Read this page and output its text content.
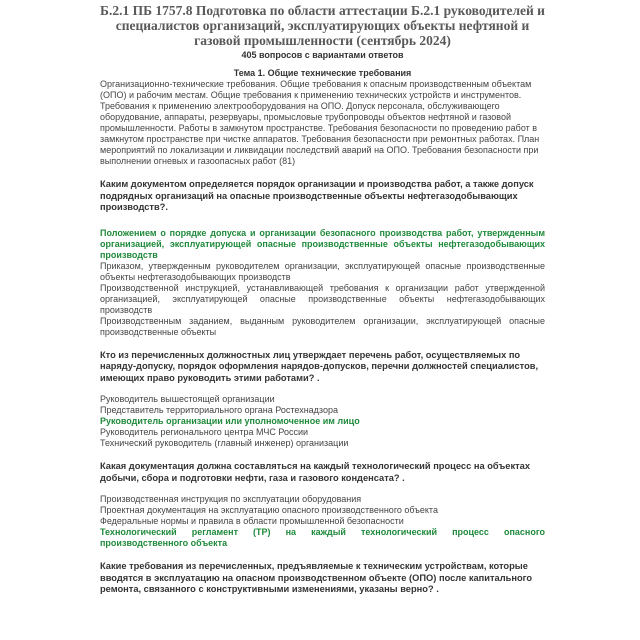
Б.2.1 ПБ 1757.8 Подготовка по области аттестации Б.2.1 руководителей и специалистов организаций, эксплуатирующих объекты нефтяной и газовой промышленности (сентябрь 2024)
405 вопросов с вариантами ответов
Тема 1. Общие технические требования
Организационно-технические требования. Общие требования к опасным производственным объектам (ОПО) и рабочим местам. Общие требования к применению технических устройств и инструментов. Требования к применению электрооборудования на ОПО. Допуск персонала, обслуживающего оборудование, аппараты, резервуары, промысловые трубопроводы объектов нефтяной и газовой промышленности. Работы в замкнутом пространстве. Требования безопасности по проведению работ в замкнутом пространстве при чистке аппаратов. Требования безопасности при ремонтных работах. План мероприятий по локализации и ликвидации последствий аварий на ОПО. Требования безопасности при выполнении огневых и газоопасных работ (81)
Каким документом определяется порядок организации и производства работ, а также допуск подрядных организаций на опасные производственные объекты нефтегазодобывающих производств?.
Положением о порядке допуска и организации безопасного производства работ, утвержденным организацией, эксплуатирующей опасные производственные объекты нефтегазодобывающих производств
Приказом, утвержденным руководителем организации, эксплуатирующей опасные производственные объекты нефтегазодобывающих производств
Производственной инструкцией, устанавливающей требования к организации работ утвержденной организацией, эксплуатирующей опасные производственные объекты нефтегазодобывающих производств
Производственным заданием, выданным руководителем организации, эксплуатирующей опасные производственные объекты
Кто из перечисленных должностных лиц утверждает перечень работ, осуществляемых по наряду-допуску, порядок оформления нарядов-допусков, перечни должностей специалистов, имеющих право руководить этими работами? .
Руководитель вышестоящей организации
Представитель территориального органа Ростехнадзора
Руководитель организации или уполномоченное им лицо
Руководитель регионального центра МЧС России
Технический руководитель (главный инженер) организации
Какая документация должна составляться на каждый технологический процесс на объектах добычи, сбора и подготовки нефти, газа и газового конденсата? .
Производственная инструкция по эксплуатации оборудования
Проектная документация на эксплуатацию опасного производственного объекта
Федеральные нормы и правила в области промышленной безопасности
Технологический регламент (ТР) на каждый технологический процесс опасного производственного объекта
Какие требования из перечисленных, предъявляемые к техническим устройствам, которые вводятся в эксплуатацию на опасном производственном объекте (ОПО) после капитального ремонта, связанного с конструктивными изменениями, указаны верно? .
